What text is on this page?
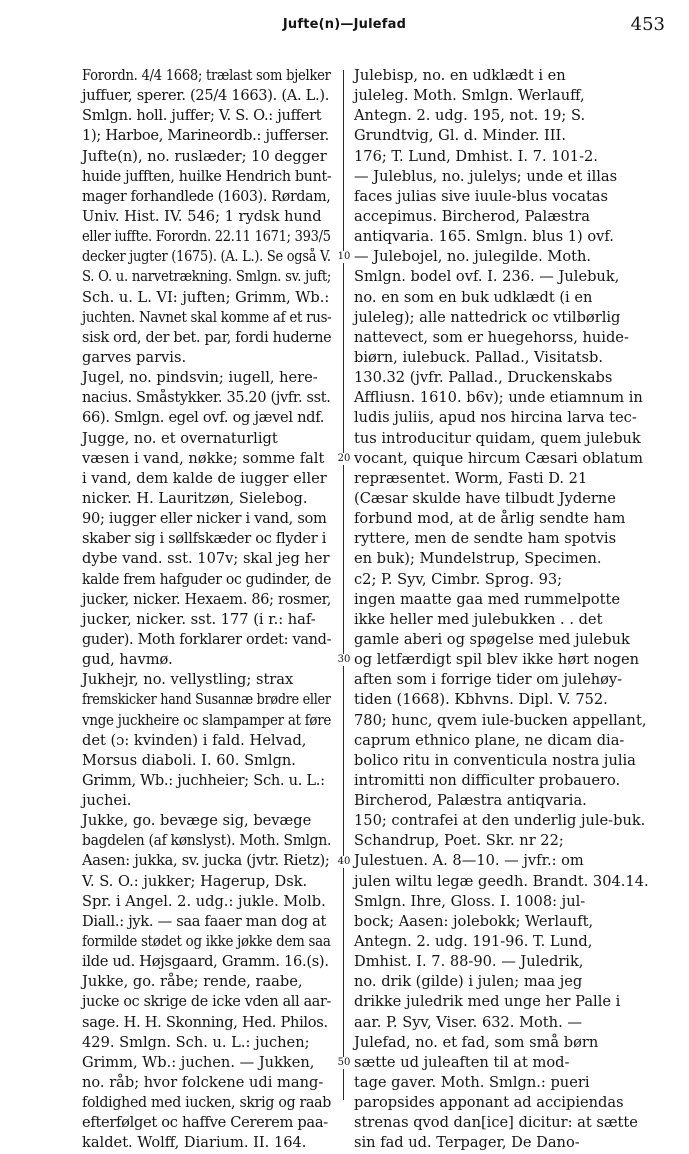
Jufte(n)—Julefad	453
Forordn. 4/4 1668; trælast som bjelker
juffuer, sperer. (25/4 1663). (A. L.).
Smlgn. holl. juffer; V. S. O.: juffert
1); Harboe, Marineordb.: jufferser.
Jufte(n), no. ruslæder; 10 degger
huide jufften, huilke Hendrich bunt-
mager forhandlede (1603). Rørdam,
Univ. Hist. IV. 546; 1 rydsk hund
eller iuffte. Forordn. 22.11 1671; 393/5
decker jugter (1675). (A. L.). Se også V.
S. O. u. narvetrækning. Smlgn. sv. juft;
Sch. u. L. VI: juften; Grimm, Wb.:
juchten. Navnet skal komme af et rus-
sisk ord, der bet. par, fordi huderne
garves parvis.
Jugel, no. pindsvin; iugell, here-
nacius. Småstykker. 35.20 (jvfr. sst.
66). Smlgn. egel ovf. og jævel ndf.
Jugge, no. et overnaturligt
væsen i vand, nøkke; somme falt
i vand, dem kalde de iugger eller
nicker. H. Lauritzøn, Sielebog.
90; iugger eller nicker i vand, som
skaber sig i søllfskæder oc flyder i
dybe vand. sst. 107v; skal jeg her
kalde frem hafguder oc gudinder, de
jucker, nicker. Hexaem. 86; rosmer,
jucker, nicker. sst. 177 (i r.: haf-
guder). Moth forklarer ordet: vand-
gud, havmø.
Jukhejr, no. vellystling; strax
fremskicker hand Susannæ brødre eller
vnge juckheire oc slampamper at føre
det (ɔ: kvinden) i fald. Helvad,
Morsus diaboli. I. 60. Smlgn.
Grimm, Wb.: juchheier; Sch. u. L.:
juchei.
Jukke, go. bevæge sig, bevæge
bagdelen (af kønslyst). Moth. Smlgn.
Aasen: jukka, sv. jucka (jvtr. Rietz);
V. S. O.: jukker; Hagerup, Dsk.
Spr. i Angel. 2. udg.: jukle. Molb.
Diall.: jyk. — saa faaer man dog at
formilde stødet og ikke jøkke dem saa
ilde ud. Højsgaard, Gramm. 16.(s).
Jukke, go. råbe; rende, raabe,
jucke oc skrige de icke vden all aar-
sage. H. H. Skonning, Hed. Philos.
429. Smlgn. Sch. u. L.: juchen;
Grimm, Wb.: juchen. — Jukken,
no. råb; hvor folckene udi mang-
foldighed med iucken, skrig og raab
efterfølget oc haffve Cererem paa-
kaldet. Wolff, Diarium. II. 164.
10
20
30
40
50
Julebisp, no. en udklædt i en
juleleg. Moth. Smlgn. Werlauff,
Antegn. 2. udg. 195, not. 19; S.
Grundtvig, Gl. d. Minder. III.
176; T. Lund, Dmhist. I. 7. 101-2.
— Juleblus, no. julelys; unde et illas
faces julias sive iuule-blus vocatas
accepimus. Bircherod, Palæstra
antiqvaria. 165. Smlgn. blus 1) ovf.
— Julebojel, no. julegilde. Moth.
Smlgn. bodel ovf. I. 236. — Julebuk,
no. en som en buk udklædt (i en
juleleg); alle nattedrick oc vtilbørlig
nattevect, som er huegehorss, huide-
biørn, iulebuck. Pallad., Visitatsb.
130.32 (jvfr. Pallad., Druckenskabs
Affliusn. 1610. b6v); unde etiamnum in
ludis juliis, apud nos hircina larva tec-
tus introducitur quidam, quem julebuk
vocant, quique hircum Cæsari oblatum
repræsentet. Worm, Fasti D. 21
(Cæsar skulde have tilbudt Jyderne
forbund mod, at de årlig sendte ham
ryttere, men de sendte ham spotvis
en buk); Mundelstrup, Specimen.
c2; P. Syv, Cimbr. Sprog. 93;
ingen maatte gaa med rummelpotte
ikke heller med julebukken . . det
gamle aberi og spøgelse med julebuk
og letfærdigt spil blev ikke hørt nogen
aften som i forrige tider om julehøy-
tiden (1668). Kbhvns. Dipl. V. 752.
780; hunc, qvem iule-bucken appellant,
caprum ethnico plane, ne dicam dia-
bolico ritu in conventicula nostra julia
intromitti non difficulter probauero.
Bircherod, Palæstra antiqvaria.
150; contrafei at den underlig jule-buk.
Schandrup, Poet. Skr. nr 22;
Julestuen. A. 8—10. — jvfr.: om
julen wiltu legæ geedh. Brandt. 304.14.
Smlgn. Ihre, Gloss. I. 1008: jul-
bock; Aasen: jolebokk; Werlauft,
Antegn. 2. udg. 191-96. T. Lund,
Dmhist. I. 7. 88-90. — Juledrik,
no. drik (gilde) i julen; maa jeg
drikke juledrik med unge her Palle i
aar. P. Syv, Viser. 632. Moth. —
Julefad, no. et fad, som små børn
sætte ud juleaften til at mod-
tage gaver. Moth. Smlgn.: pueri
paropsides apponant ad accipiendas
strenas qvod dan[ice] dicitur: at sætte
sin fad ud. Terpager, De Dano-
